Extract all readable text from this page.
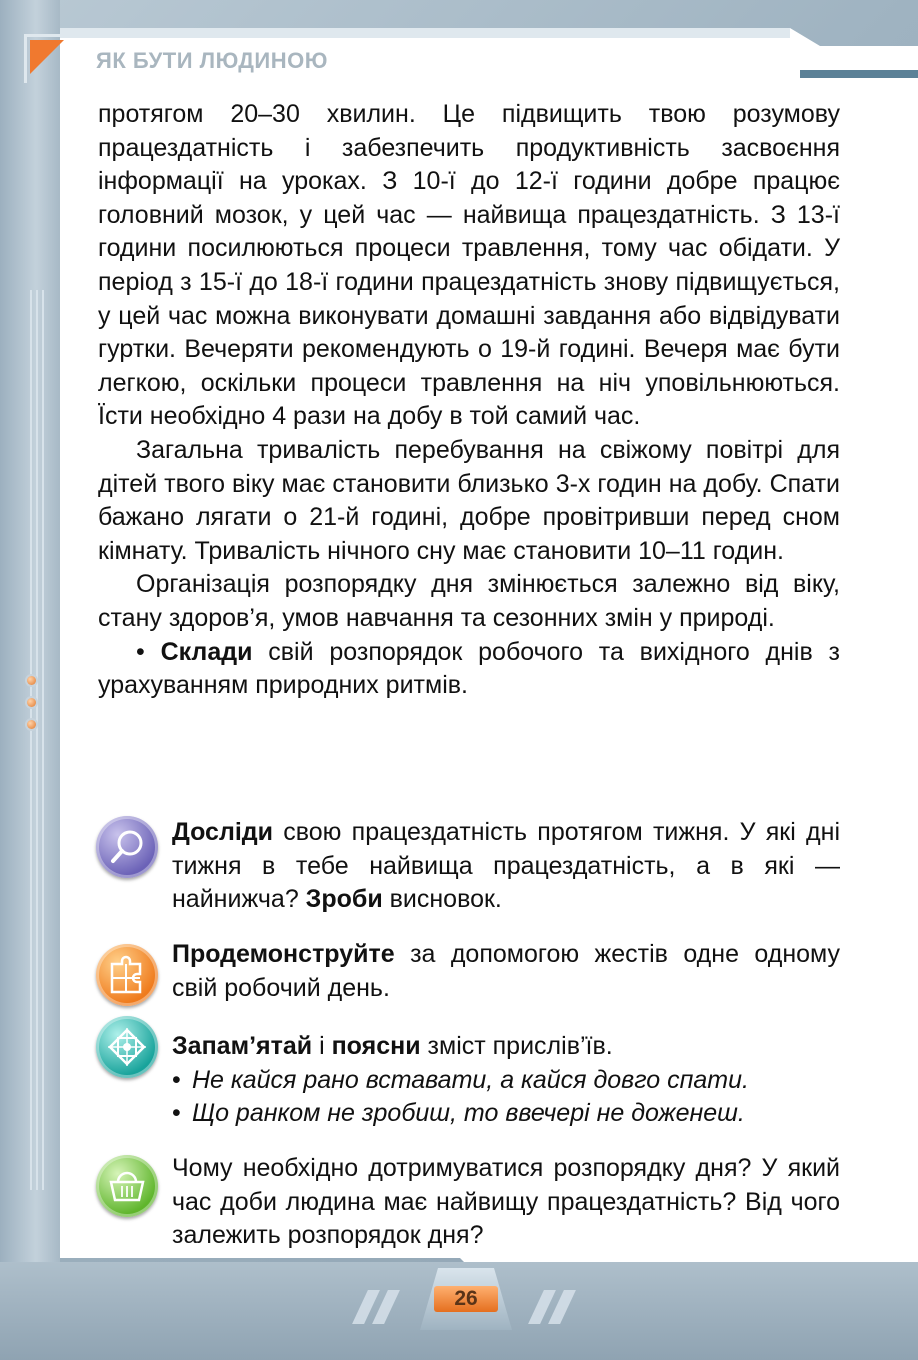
ЯК БУТИ ЛЮДИНОЮ

протягом 20–30 хвилин. Це підвищить твою розумову працездатність і забезпечить продуктивність засвоєння інформації на уроках. З 10-ї до 12-ї години добре працює головний мозок, у цей час — найвища працездатність. З 13-ї години посилюються процеси травлення, тому час обідати. У період з 15-ї до 18-ї години працездатність знову підвищується, у цей час можна виконувати домашні завдання або відвідувати гуртки. Вечеряти рекомендують о 19-й годині. Вечеря має бути легкою, оскільки процеси травлення на ніч уповільнюються. Їсти необхідно 4 рази на добу в той самий час.

Загальна тривалість перебування на свіжому повітрі для дітей твого віку має становити близько 3-х годин на добу. Спати бажано лягати о 21-й годині, добре провітривши перед сном кімнату. Тривалість нічного сну має становити 10–11 годин.

Організація розпорядку дня змінюється залежно від віку, стану здоров’я, умов навчання та сезонних змін у природі.

• Склади свій розпорядок робочого та вихідного днів з урахуванням природних ритмів.

Досліди свою працездатність протягом тижня. У які дні тижня в тебе найвища працездатність, а в які — найнижча? Зроби висновок.

Продемонструйте за допомогою жестів одне одному свій робочий день.

Запам’ятай і поясни зміст прислів’їв.

• Не кайся рано вставати, а кайся довго спати.

• Що ранком не зробиш, то ввечері не доженеш.

Чому необхідно дотримуватися розпорядку дня? У який час доби людина має найвищу працездатність? Від чого залежить розпорядок дня?

26
